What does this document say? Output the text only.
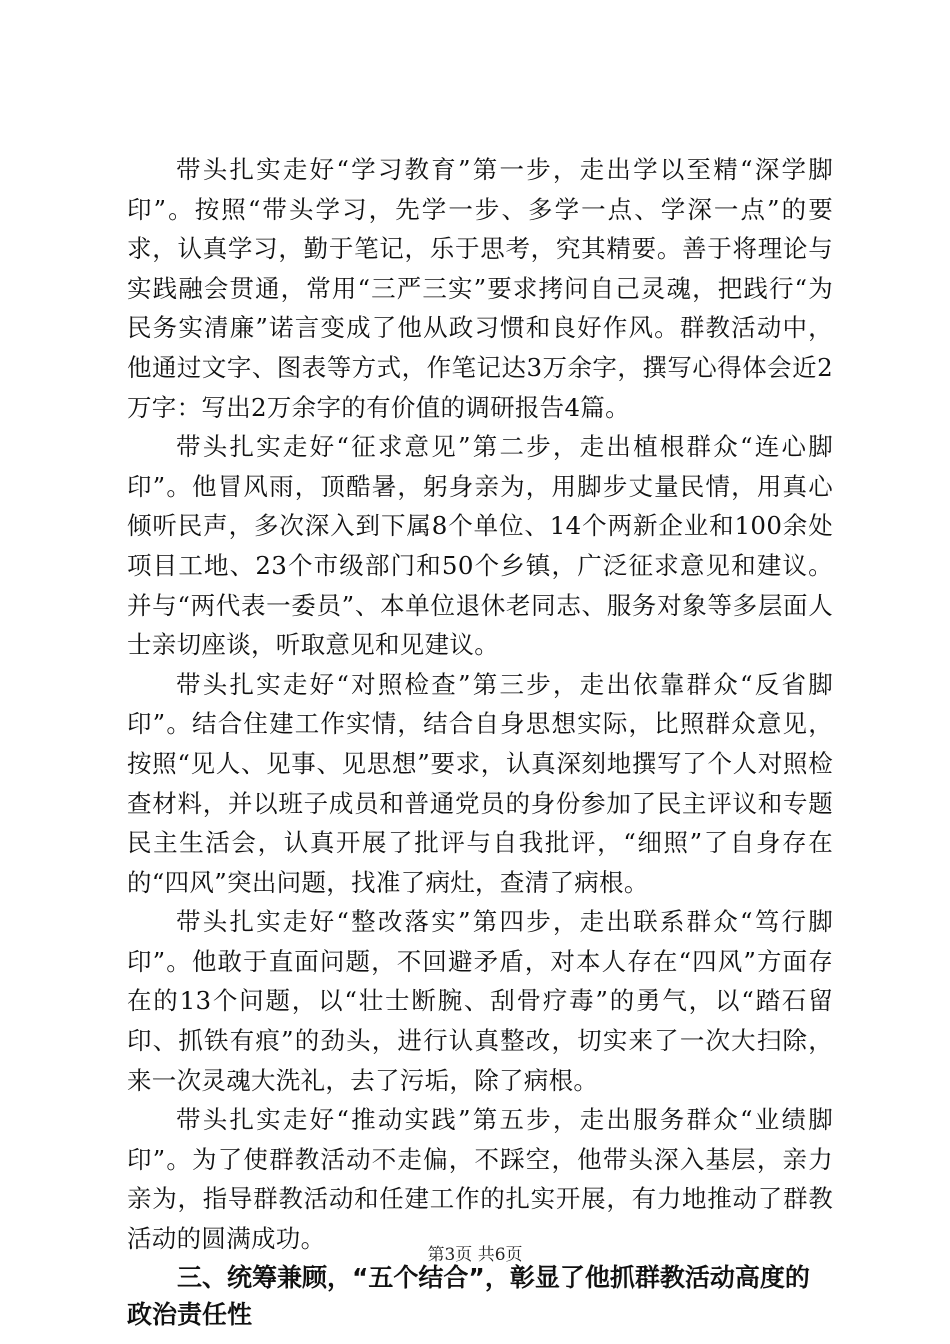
带头扎实走好“学习教育”第一步，走出学以至精“深学脚印”。按照“带头学习，先学一步、多学一点、学深一点”的要求，认真学习，勤于笔记，乐于思考，究其精要。善于将理论与实践融会贯通，常用“三严三实”要求拷问自己灵魂，把践行“为民务实清廉”诺言变成了他从政习惯和良好作风。群教活动中，他通过文字、图表等方式，作笔记达3万余字，撰写心得体会近2万字：写出2万余字的有价值的调研报告4篇。

带头扎实走好“征求意见”第二步，走出植根群众“连心脚印”。他冒风雨，顶酷暑，躬身亲为，用脚步丈量民情，用真心倾听民声，多次深入到下属8个单位、14个两新企业和100余处项目工地、23个市级部门和50个乡镇，广泛征求意见和建议。并与“两代表一委员”、本单位退休老同志、服务对象等多层面人士亲切座谈，听取意见和见建议。

带头扎实走好“对照检查”第三步，走出依靠群众“反省脚印”。结合住建工作实情，结合自身思想实际，比照群众意见，按照“见人、见事、见思想”要求，认真深刻地撰写了个人对照检查材料，并以班子成员和普通党员的身份参加了民主评议和专题民主生活会，认真开展了批评与自我批评，“细照”了自身存在的“四风”突出问题，找准了病灶，查清了病根。

带头扎实走好“整改落实”第四步，走出联系群众“笃行脚印”。他敢于直面问题，不回避矛盾，对本人存在“四风”方面存在的13个问题，以“壮士断腕、刮骨疗毒”的勇气，以“踏石留印、抓铁有痕”的劲头，进行认真整改，切实来了一次大扫除，来一次灵魂大洗礼，去了污垢，除了病根。

带头扎实走好“推动实践”第五步，走出服务群众“业绩脚印”。为了使群教活动不走偏，不踩空，他带头深入基层，亲力亲为，指导群教活动和任建工作的扎实开展，有力地推动了群教活动的圆满成功。

三、统筹兼顾，“五个结合”，彰显了他抓群教活动高度的政治责任性

第3页 共6页
